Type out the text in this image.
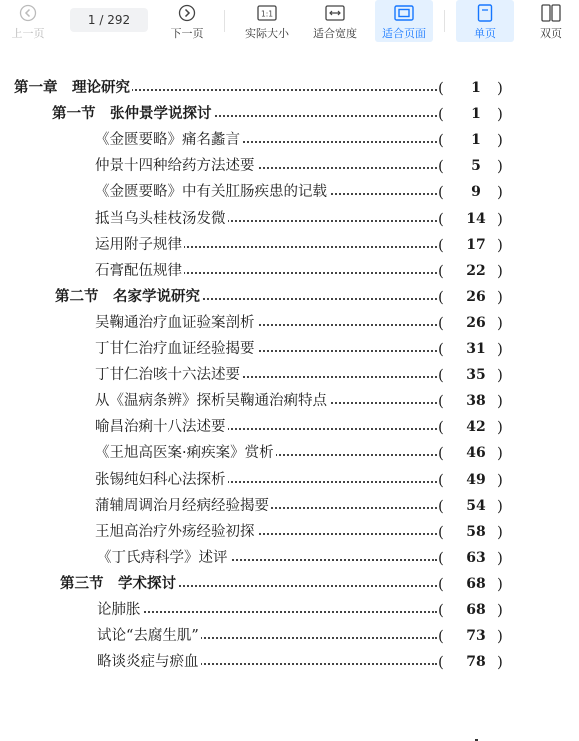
上一页
1
/ 292
下一页
1:1
实际大小 适合宽度 适合页面	单页	双页
第一章　理论研究	(	1	)
第一节　张仲景学说探讨	(	1	)
《金匮要略》痛名蠡言	(	1	)
仲景十四种给药方法述要	(	5	)
《金匮要略》中有关肛肠疾患的记载	(	9	)
抵当乌头桂枝汤发微	(	14 )
运用附子规律	(	17 )
石膏配伍规律	(	22 )
第二节　名家学说研究	(	26 )
吴鞠通治疗血证验案剖析	(	26 )
丁甘仁治疗血证经验揭要	(	31 )
丁甘仁治咳十六法述要	(	35 )
从《温病条辨》探析吴鞠通治痢特点	(	38 )
喻昌治痢十八法述要	(	42 )
《王旭高医案·痢疾案》赏析	(	46 )
张锡纯妇科心法探析	(	49 )
蒲辅周调治月经病经验揭要	(	54 )
王旭高治疗外疡经验初探	(	58 )
《丁氏痔科学》述评	(	63 )
第三节　学术探讨	(	68 )
论肺胀	(	68 )
试论“去腐生肌”	(	73 )
略谈炎症与瘀血	(	78 )
